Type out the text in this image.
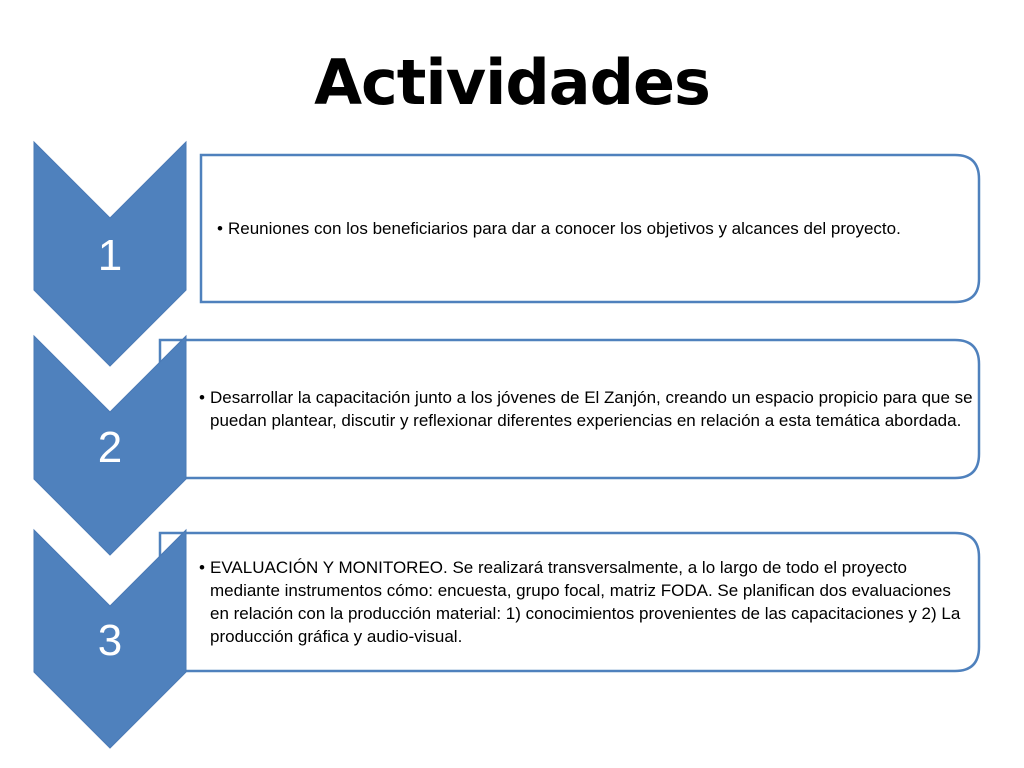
Actividades
1
2
3
• Reuniones con los beneficiarios para dar a conocer los objetivos y alcances del proyecto.
• Desarrollar la capacitación junto a los jóvenes de El Zanjón, creando un espacio propicio para que se puedan plantear, discutir y reflexionar diferentes experiencias en relación a esta temática abordada.
• EVALUACIÓN Y MONITOREO. Se realizará transversalmente, a lo largo de todo el proyecto mediante instrumentos cómo: encuesta, grupo focal, matriz FODA. Se planifican dos evaluaciones en relación con la producción material: 1) conocimientos provenientes de las capacitaciones y 2) La producción gráfica y audio-visual.
